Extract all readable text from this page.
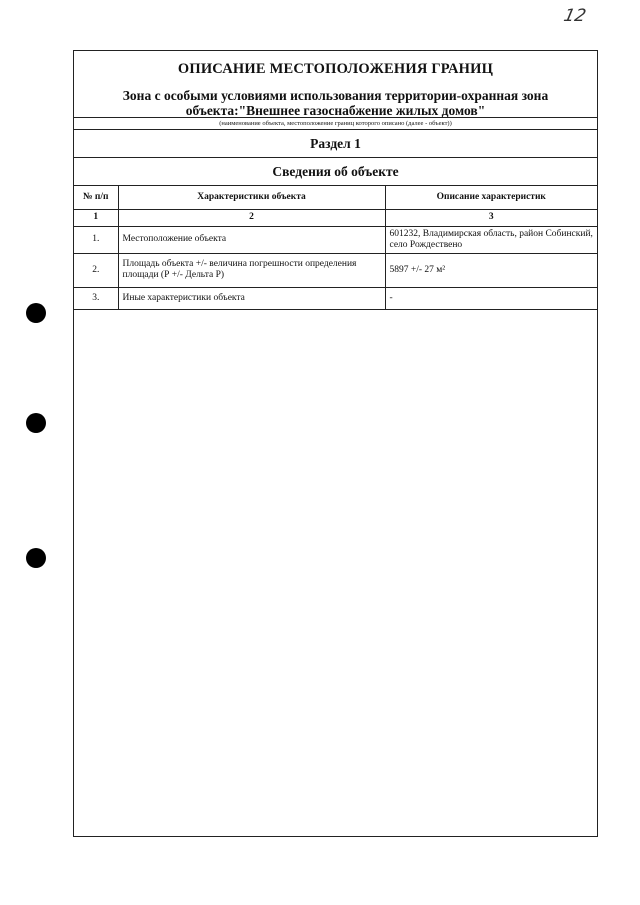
12
ОПИСАНИЕ МЕСТОПОЛОЖЕНИЯ ГРАНИЦ
Зона с особыми условиями использования территории-охранная зона объекта:"Внешнее газоснабжение жилых домов"
(наименование объекта, местоположение границ которого описано (далее - объект))
Раздел 1
Сведения об объекте
№ п/п	Характеристики объекта	Описание характеристик
1	2	3
1.	Местоположение объекта	601232, Владимирская область, район Собинский, село Рождествено
2.	Площадь объекта +/- величина погрешности определения площади (Р +/- Дельта Р)	5897 +/- 27 м²
3.	Иные характеристики объекта	-
